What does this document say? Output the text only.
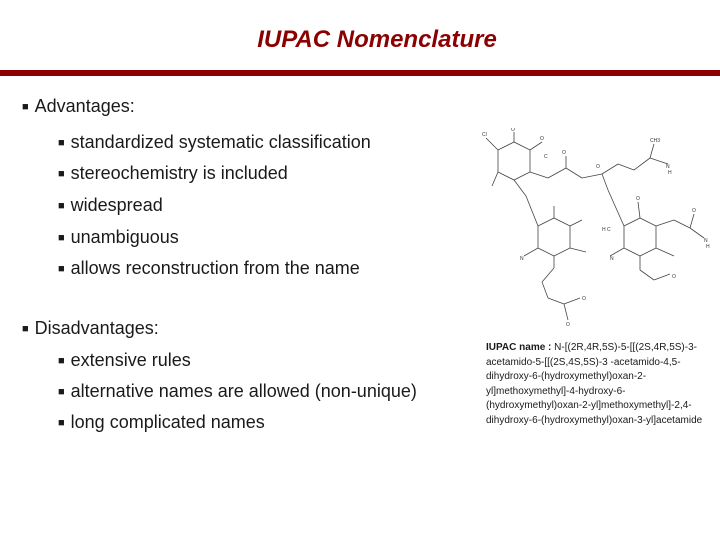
IUPAC Nomenclature
■ Advantages:
■ standardized systematic classification
■ stereochemistry is included
■ widespread
■ unambiguous
■ allows reconstruction from the name
■ Disadvantages:
■ extensive rules
■ alternative names are allowed (non-unique)
■ long complicated names
Cl
O
O
C
O
CH3
O	N
H
O
H C
N
H
O
N
O
O
O
N
IUPAC name : N-[(2R,4R,5S)-5-[[(2S,4R,5S)-3-acetamido-5-[[(2S,4S,5S)-3 -acetamido-4,5-dihydroxy-6-(hydroxymethyl)oxan-2-yl]methoxymethyl]-4-hydroxy-6-(hydroxymethyl)oxan-2-yl]methoxymethyl]-2,4-dihydroxy-6-(hydroxymethyl)oxan-3-yl]acetamide
